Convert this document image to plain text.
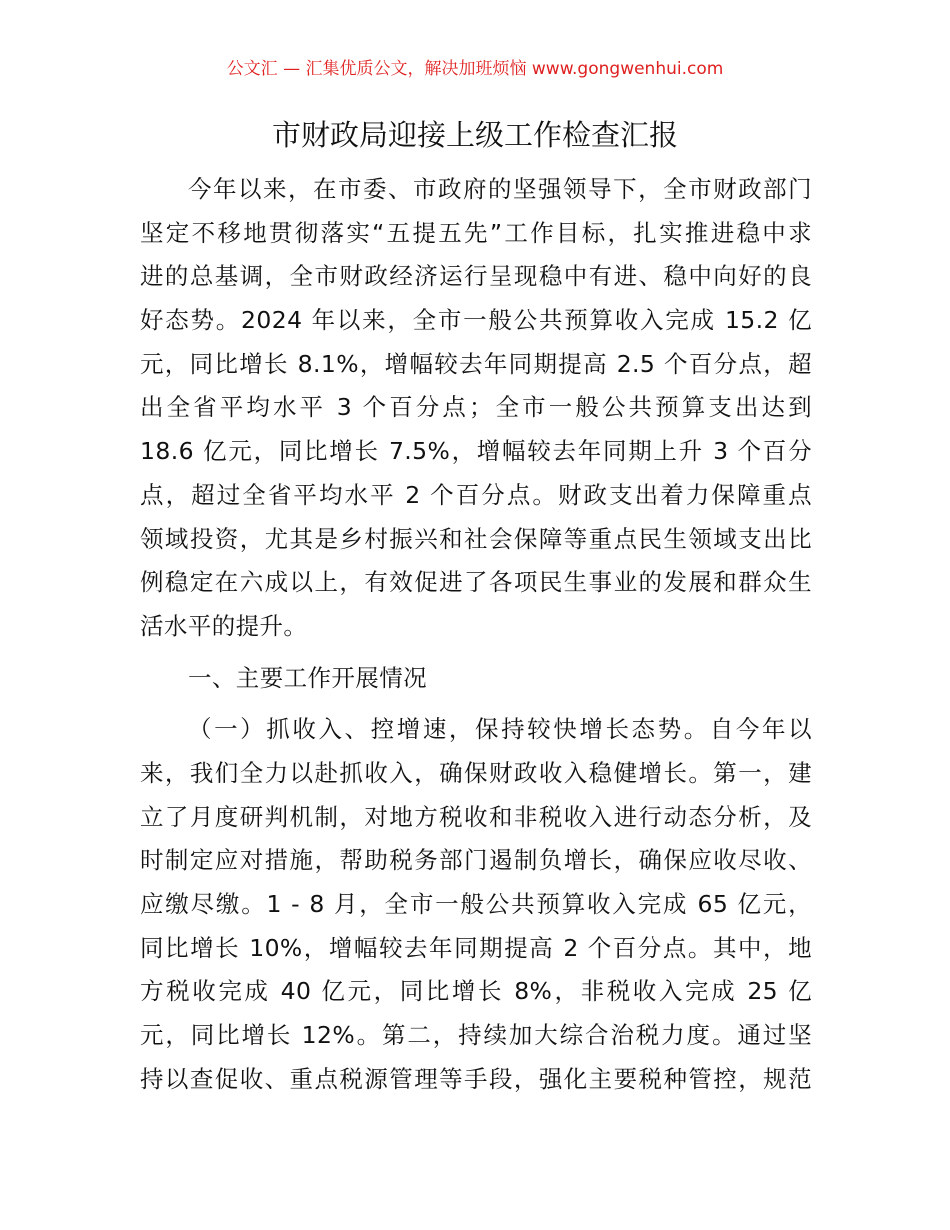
公文汇 — 汇集优质公文，解决加班烦恼 www.gongwenhui.com
市财政局迎接上级工作检查汇报
今年以来，在市委、市政府的坚强领导下，全市财政部门
坚定不移地贯彻落实“五提五先”工作目标，扎实推进稳中求
进的总基调，全市财政经济运行呈现稳中有进、稳中向好的良
好态势。2024 年以来，全市一般公共预算收入完成 15.2 亿
元，同比增长 8.1%，增幅较去年同期提高 2.5 个百分点，超
出全省平均水平 3 个百分点；全市一般公共预算支出达到
18.6 亿元，同比增长 7.5%，增幅较去年同期上升 3 个百分
点，超过全省平均水平 2 个百分点。财政支出着力保障重点
领域投资，尤其是乡村振兴和社会保障等重点民生领域支出比
例稳定在六成以上，有效促进了各项民生事业的发展和群众生
活水平的提升。
一、主要工作开展情况
（一）抓收入、控增速，保持较快增长态势。自今年以
来，我们全力以赴抓收入，确保财政收入稳健增长。第一，建
立了月度研判机制，对地方税收和非税收入进行动态分析，及
时制定应对措施，帮助税务部门遏制负增长，确保应收尽收、
应缴尽缴。1 - 8 月，全市一般公共预算收入完成 65 亿元，
同比增长 10%，增幅较去年同期提高 2 个百分点。其中，地
方税收完成 40 亿元，同比增长 8%，非税收入完成 25 亿
元，同比增长 12%。第二，持续加大综合治税力度。通过坚
持以查促收、重点税源管理等手段，强化主要税种管控，规范
